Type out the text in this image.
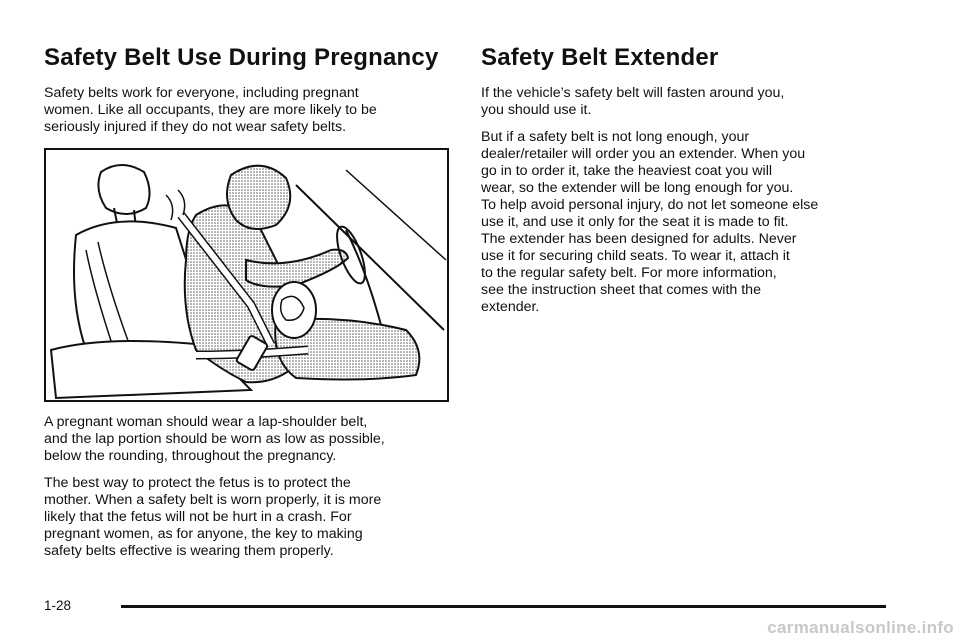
Safety Belt Use During Pregnancy

Safety belts work for everyone, including pregnant
women. Like all occupants, they are more likely to be
seriously injured if they do not wear safety belts.

A pregnant woman should wear a lap-shoulder belt,
and the lap portion should be worn as low as possible,
below the rounding, throughout the pregnancy.

The best way to protect the fetus is to protect the
mother. When a safety belt is worn properly, it is more
likely that the fetus will not be hurt in a crash. For
pregnant women, as for anyone, the key to making
safety belts effective is wearing them properly.

Safety Belt Extender

If the vehicle’s safety belt will fasten around you,
you should use it.

But if a safety belt is not long enough, your
dealer/retailer will order you an extender. When you
go in to order it, take the heaviest coat you will
wear, so the extender will be long enough for you.
To help avoid personal injury, do not let someone else
use it, and use it only for the seat it is made to fit.
The extender has been designed for adults. Never
use it for securing child seats. To wear it, attach it
to the regular safety belt. For more information,
see the instruction sheet that comes with the
extender.

1-28
carmanualsonline.info
